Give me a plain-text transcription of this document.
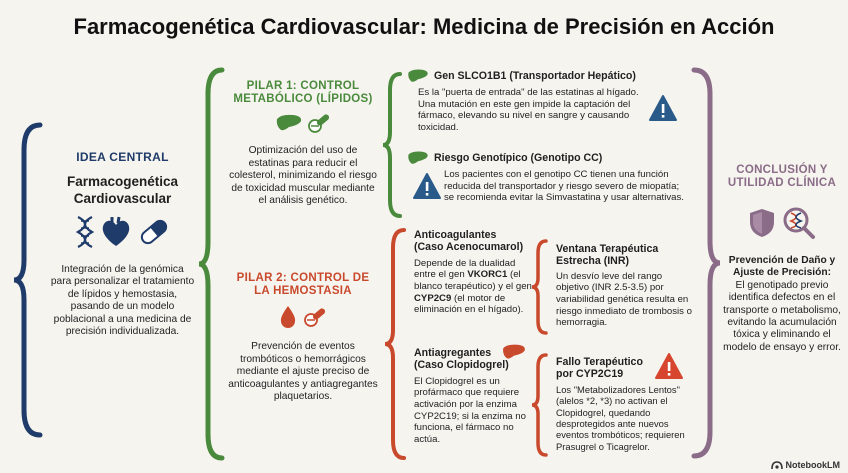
Farmacogenética Cardiovascular: Medicina de Precisión en Acción
IDEA CENTRAL
Farmacogenética
Cardiovascular
Integración de la genómica para personalizar el tratamiento de lípidos y hemostasia, pasando de un modelo poblacional a una medicina de precisión individualizada.
PILAR 1: CONTROL
METABÓLICO (LÍPIDOS)
Optimización del uso de estatinas para reducir el colesterol, minimizando el riesgo de toxicidad muscular mediante el análisis genético.
PILAR 2: CONTROL DE
LA HEMOSTASIA
Prevención de eventos trombóticos o hemorrágicos mediante el ajuste preciso de anticoagulantes y antiagregantes plaquetarios.
Gen SLCO1B1 (Transportador Hepático)
Es la "puerta de entrada" de las estatinas al hígado. Una mutación en este gen impide la captación del fármaco, elevando su nivel en sangre y causando toxicidad.
Riesgo Genotípico (Genotipo CC)
Los pacientes con el genotipo CC tienen una función reducida del transportador y riesgo severo de miopatía; se recomienda evitar la Simvastatina y usar alternativas.
Anticoagulantes
(Caso Acenocumarol)
Depende de la dualidad entre el gen VKORC1 (el blanco terapéutico) y el gen CYP2C9 (el motor de eliminación en el hígado).
Ventana Terapéutica
Estrecha (INR)
Un desvío leve del rango objetivo (INR 2.5-3.5) por variabilidad genética resulta en riesgo inmediato de trombosis o hemorragia.
Antiagregantes
(Caso Clopidogrel)
El Clopidogrel es un profármaco que requiere activación por la enzima CYP2C19; si la enzima no funciona, el fármaco no actúa.
Fallo Terapéutico
por CYP2C19
Los "Metabolizadores Lentos" (alelos *2, *3) no activan el Clopidogrel, quedando desprotegidos ante nuevos eventos trombóticos; requieren Prasugrel o Ticagrelor.
CONCLUSIÓN Y
UTILIDAD CLÍNICA
Prevención de Daño y Ajuste de Precisión:
El genotipado previo identifica defectos en el transporte o metabolismo, evitando la acumulación tóxica y eliminando el modelo de ensayo y error.
NotebookLM
